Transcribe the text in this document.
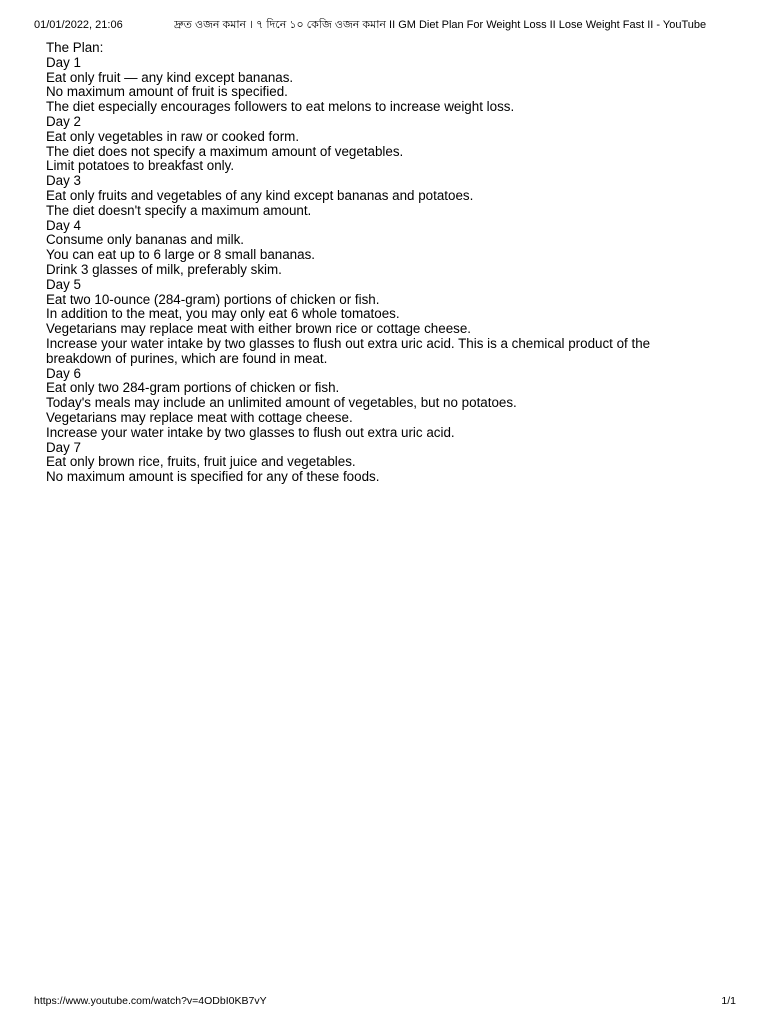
01/01/2022, 21:06	দ্রুত ওজন কমান । ৭ দিনে ১০ কেজি ওজন কমান II GM Diet Plan For Weight Loss II Lose Weight Fast II - YouTube

The Plan:

Day 1

Eat only fruit — any kind except bananas.

No maximum amount of fruit is specified.

The diet especially encourages followers to eat melons to increase weight loss.

Day 2

Eat only vegetables in raw or cooked form.

The diet does not specify a maximum amount of vegetables.

Limit potatoes to breakfast only.

Day 3

Eat only fruits and vegetables of any kind except bananas and potatoes.

The diet doesn't specify a maximum amount.

Day 4

Consume only bananas and milk.

You can eat up to 6 large or 8 small bananas.

Drink 3 glasses of milk, preferably skim.

Day 5

Eat two 10-ounce (284-gram) portions of chicken or fish.

In addition to the meat, you may only eat 6 whole tomatoes.

Vegetarians may replace meat with either brown rice or cottage cheese.

Increase your water intake by two glasses to flush out extra uric acid. This is a chemical product of the breakdown of purines, which are found in meat.

Day 6

Eat only two 284-gram portions of chicken or fish.

Today's meals may include an unlimited amount of vegetables, but no potatoes.

Vegetarians may replace meat with cottage cheese.

Increase your water intake by two glasses to flush out extra uric acid.

Day 7

Eat only brown rice, fruits, fruit juice and vegetables.

No maximum amount is specified for any of these foods.

https://www.youtube.com/watch?v=4ODbI0KB7vY	1/1
